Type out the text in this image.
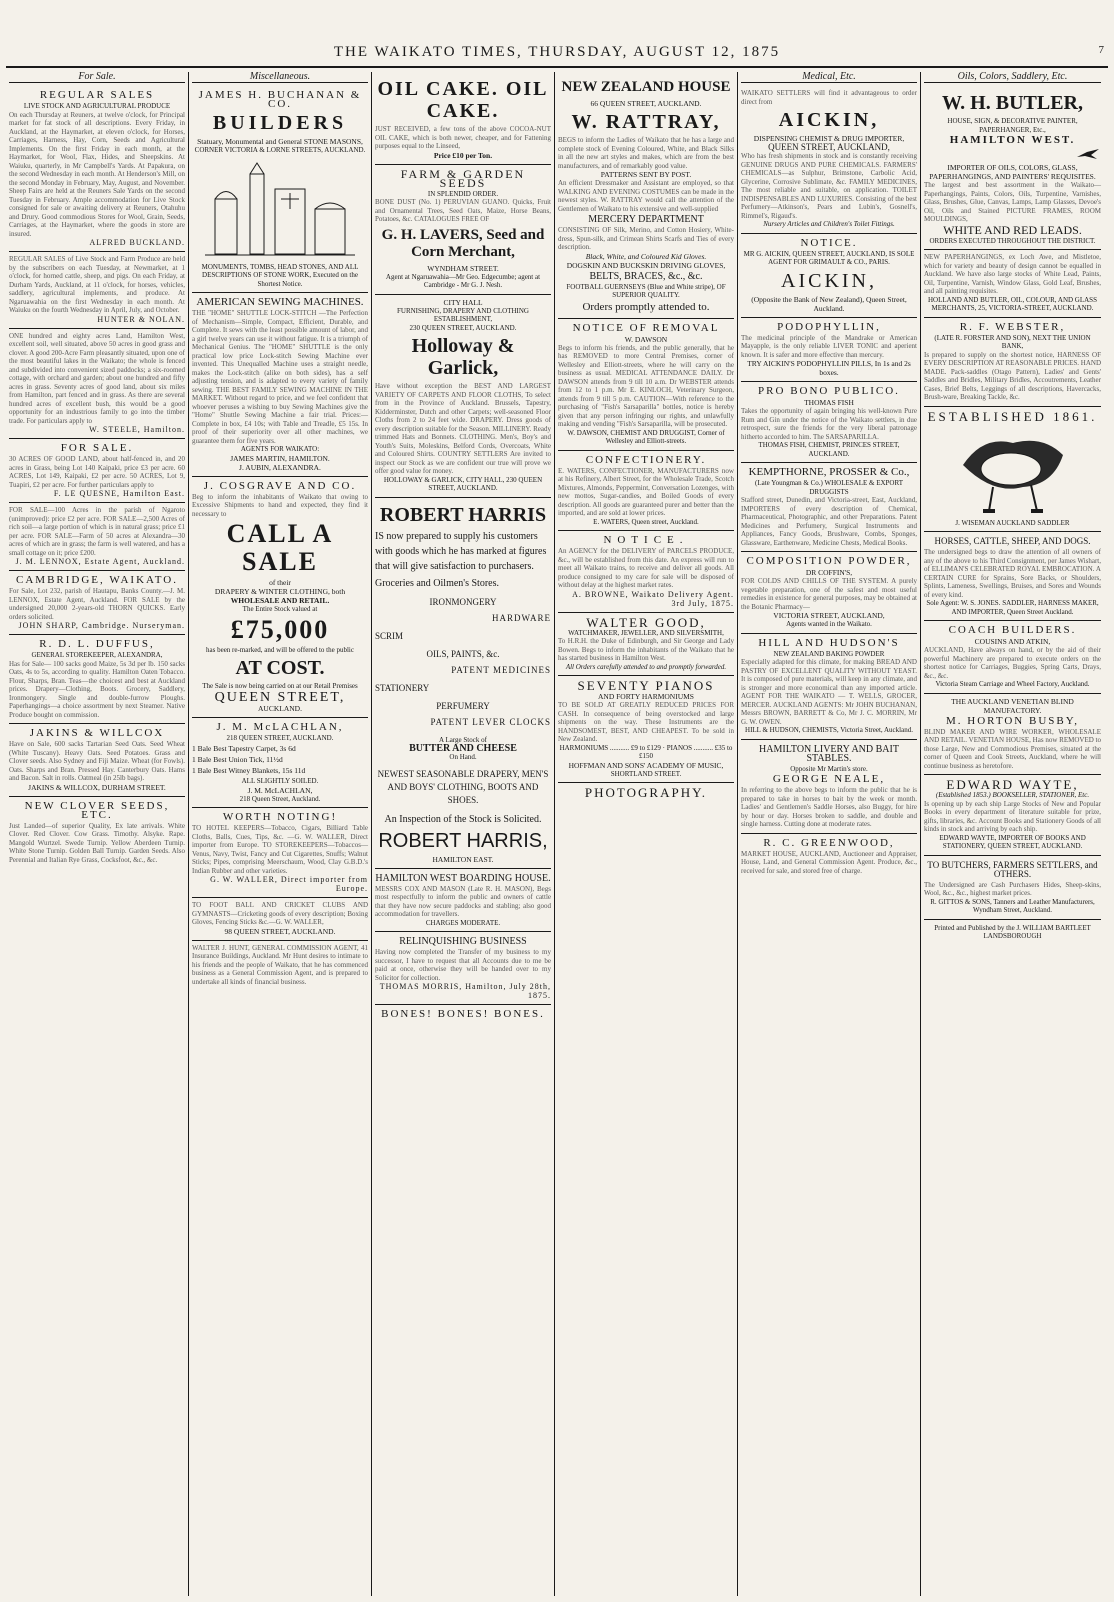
THE WAIKATO TIMES, THURSDAY, AUGUST 12, 1875	7
For Sale.
REGULAR SALES
LIVE STOCK AND AGRICULTURAL PRODUCE
On each Thursday at Reuners, at twelve o'clock, for Principal market for fat stock of all descriptions. Every Friday, in Auckland, at the Haymarket, at eleven o'clock, for Horses, Carriages, Harness, Hay, Corn, Seeds and Agricultural Implements. On the first Friday in each month, at the Haymarket, for Wool, Flax, Hides, and Sheepskins. At Waiuku, quarterly, in Mr Campbell's Yards. At Papakura, on the second Wednesday in each month. At Henderson's Mill, on the second Monday in February, May, August, and November. Sheep Fairs are held at the Reuners Sale Yards on the second Tuesday in February. Ample accommodation for Live Stock consigned for sale or awaiting delivery at Reuners, Otahuhu and Drury. Good commodious Stores for Wool, Grain, Seeds, Carriages, at the Haymarket, where the goods in store are insured.
ALFRED BUCKLAND.
REGULAR SALES of Live Stock and Farm Produce are held by the subscribers on each Tuesday, at Newmarket, at 1 o'clock, for horned cattle, sheep, and pigs. On each Friday, at Durham Yards, Auckland, at 11 o'clock, for horses, vehicles, saddlery, agricultural implements, and produce. At Ngaruawahia on the first Wednesday in each month. At Waiuku on the fourth Wednesday in April, July, and October.
HUNTER & NOLAN.
ONE hundred and eighty acres Land, Hamilton West, excellent soil, well situated, above 50 acres in good grass and clover. A good 200-Acre Farm pleasantly situated, upon one of the most beautiful lakes in the Waikato; the whole is fenced and subdivided into convenient sized paddocks; a six-roomed cottage, with orchard and garden; about one hundred and fifty acres in grass. Seventy acres of good land, about six miles from Hamilton, part fenced and in grass. As there are several hundred acres of excellent bush, this would be a good opportunity for an industrious family to go into the timber trade. For particulars apply to
W. STEELE, Hamilton.
FOR SALE.
30 ACRES OF GOOD LAND, about half-fenced in, and 20 acres in Grass, being Lot 140 Kaipaki, price £3 per acre. 60 ACRES, Lot 149, Kaipaki, £2 per acre. 50 ACRES, Lot 9, Tuapiri, £2 per acre. For further particulars apply to
F. LE QUESNE, Hamilton East.
FOR SALE—100 Acres in the parish of Ngaroto (unimproved): price £2 per acre. FOR SALE—2,500 Acres of rich soil—a large portion of which is in natural grass; price £1 per acre. FOR SALE—Farm of 50 acres at Alexandra—30 acres of which are in grass; the farm is well watered, and has a small cottage on it; price £200.
J. M. LENNOX, Estate Agent, Auckland.
CAMBRIDGE, WAIKATO.
For Sale, Lot 232, parish of Hautapu, Banks County.—J. M. LENNOX, Estate Agent, Auckland. FOR SALE by the undersigned 20,000 2-years-old THORN QUICKS. Early orders solicited.
JOHN SHARP, Cambridge. Nurseryman.
R. D. L. DUFFUS,
GENERAL STOREKEEPER, ALEXANDRA,
Has for Sale— 100 sacks good Maize, 5s 3d per lb. 150 sacks Oats, 4s to 5s, according to quality. Hamilton Oaten Tobacco. Flour, Sharps, Bran. Teas—the choicest and best at Auckland prices. Drapery—Clothing, Boots. Grocery, Saddlery, Ironmongery. Single and double-furrow Ploughs. Paperhangings—a choice assortment by next Steamer. Native Produce bought on commission.
JAKINS & WILLCOX
Have on Sale, 600 sacks Tartarian Seed Oats. Seed Wheat (White Tuscany). Heavy Oats. Seed Potatoes. Grass and Clover seeds. Also Sydney and Fiji Maize. Wheat (for Fowls). Oats. Sharps and Bran. Pressed Hay. Canterbury Oats. Hams and Bacon. Salt in rolls. Oatmeal (in 25lb bags).
JAKINS & WILLCOX, DURHAM STREET.
NEW CLOVER SEEDS, ETC.
Just Landed—of superior Quality, Ex late arrivals. White Clover. Red Clover. Cow Grass. Timothy. Alsyke. Rape. Mangold Wurtzel. Swede Turnip. Yellow Aberdeen Turnip. White Stone Turnip. Golden Ball Turnip. Garden Seeds. Also Perennial and Italian Rye Grass, Cocksfoot, &c., &c.
Miscellaneous.
JAMES H. BUCHANAN & CO.
BUILDERS
Statuary, Monumental and General STONE MASONS,
CORNER VICTORIA & LORNE STREETS, AUCKLAND.
MONUMENTS, TOMBS, HEAD STONES, AND ALL DESCRIPTIONS OF STONE WORK, Executed on the Shortest Notice.
AMERICAN SEWING MACHINES.
THE "HOME" SHUTTLE LOCK-STITCH —The Perfection of Mechanism—Simple, Compact, Efficient, Durable, and Complete. It sews with the least possible amount of labor, and a girl twelve years can use it without fatigue. It is a triumph of Mechanical Genius. The "HOME" SHUTTLE is the only practical low price Lock-stitch Sewing Machine ever invented. This Unequalled Machine uses a straight needle, makes the Lock-stitch (alike on both sides), has a self adjusting tension, and is adapted to every variety of family sewing. THE BEST FAMILY SEWING MACHINE IN THE MARKET. Without regard to price, and we feel confident that whoever peruses a wishing to buy Sewing Machines give the "Home" Shuttle Sewing Machine a fair trial. Prices:—Complete in box, £4 10s; with Table and Treadle, £5 15s. In proof of their superiority over all other machines, we guarantee them for five years.
AGENTS FOR WAIKATO:
JAMES MARTIN, HAMILTON.
J. AUBIN, ALEXANDRA.
J. COSGRAVE AND CO.
Beg to inform the inhabitants of Waikato that owing to Excessive Shipments to hand and expected, they find it necessary to
CALL A SALE
of their
DRAPERY & WINTER CLOTHING, both
WHOLESALE AND RETAIL.
The Entire Stock valued at
£75,000
has been re-marked, and will be offered to the public
AT COST.
The Sale is now being carried on at our Retail Premises
QUEEN STREET,
AUCKLAND.
J. M. McLACHLAN,
218 QUEEN STREET, AUCKLAND.
1 Bale Best Tapestry Carpet, 3s 6d
1 Bale Best Union Tick, 11½d
1 Bale Best Witney Blankets, 15s 11d
ALL SLIGHTLY SOILED.
J. M. McLACHLAN,
218 Queen Street, Auckland.
WORTH NOTING!
TO HOTEL KEEPERS—Tobacco, Cigars, Billiard Table Cloths, Balls, Cues, Tips, &c. —G. W. WALLER, Direct importer from Europe. TO STOREKEEPERS—Tobaccos—Venus, Navy, Twist, Fancy and Cut Cigarettes, Snuffs; Walnut Sticks; Pipes, comprising Meerschaum, Wood, Clay G.B.D.'s Indian Rubber and other varieties.
G. W. WALLER, Direct importer from Europe.
TO FOOT BALL AND CRICKET CLUBS AND GYMNASTS—Cricketing goods of every description; Boxing Gloves, Fencing Sticks &c.—G. W. WALLER,
98 QUEEN STREET, AUCKLAND.
WALTER J. HUNT, GENERAL COMMISSION AGENT, 41 Insurance Buildings, Auckland. Mr Hunt desires to intimate to his friends and the people of Waikato, that he has commenced business as a General Commission Agent, and is prepared to undertake all kinds of financial business.
OIL CAKE. OIL CAKE.
JUST RECEIVED, a few tons of the above COCOA-NUT OIL CAKE, which is both newer, cheaper, and for Fattening purposes equal to the Linseed,
Price £10 per Ton.
FARM & GARDEN SEEDS
IN SPLENDID ORDER.
BONE DUST (No. 1) PERUVIAN GUANO. Quicks, Fruit and Ornamental Trees, Seed Oats, Maize, Horse Beans, Potatoes, &c. CATALOGUES FREE OF
G. H. LAVERS, Seed and Corn Merchant,
WYNDHAM STREET.
Agent at Ngaruawahia—Mr Geo. Edgecumbe; agent at Cambridge - Mr G. J. Nesh.
CITY HALL
FURNISHING, DRAPERY AND CLOTHING ESTABLISHMENT,
230 QUEEN STREET, AUCKLAND.
Holloway & Garlick,
Have without exception the BEST AND LARGEST VARIETY OF CARPETS AND FLOOR CLOTHS, To select from in the Province of Auckland. Brussels, Tapestry, Kidderminster, Dutch and other Carpets; well-seasoned Floor Cloths from 2 to 24 feet wide. DRAPERY. Dress goods of every description suitable for the Season. MILLINERY. Ready trimmed Hats and Bonnets. CLOTHING. Men's, Boy's and Youth's Suits, Moleskins, Belford Cords, Overcoats, White and Coloured Shirts. COUNTRY SETTLERS Are invited to inspect our Stock as we are confident our true will prove we offer good value for money.
HOLLOWAY & GARLICK, CITY HALL, 230 QUEEN STREET, AUCKLAND.
ROBERT HARRIS
IS now prepared to supply his customers with goods which he has marked at figures that will give satisfaction to purchasers.
Groceries and Oilmen's Stores.
IRONMONGERY
HARDWARE
SCRIM
OILS, PAINTS, &c.
PATENT MEDICINES
STATIONERY
PERFUMERY
PATENT LEVER CLOCKS
A Large Stock of
BUTTER AND CHEESE
On Hand.
NEWEST SEASONABLE DRAPERY, MEN'S AND BOYS' CLOTHING, BOOTS AND SHOES.
An Inspection of the Stock is Solicited.
ROBERT HARRIS,
HAMILTON EAST.
HAMILTON WEST BOARDING HOUSE.
MESSRS COX AND MASON (Late R. H. MASON), Begs most respectfully to inform the public and owners of cattle that they have now secure paddocks and stabling; also good accommodation for travellers.
CHARGES MODERATE.
RELINQUISHING BUSINESS
Having now completed the Transfer of my business to my successor, I have to request that all Accounts due to me be paid at once, otherwise they will be handed over to my Solicitor for collection.
THOMAS MORRIS, Hamilton, July 28th, 1875.
BONES! BONES! BONES.
NEW ZEALAND HOUSE
66 QUEEN STREET, AUCKLAND.
W. RATTRAY,
BEGS to inform the Ladies of Waikato that he has a large and complete stock of Evening Coloured, White, and Black Silks in all the new art styles and makes, which are from the best manufacturers, and of remarkably good value.
PATTERNS SENT BY POST.
An efficient Dressmaker and Assistant are employed, so that WALKING AND EVENING COSTUMES can be made in the newest styles. W. RATTRAY would call the attention of the Gentlemen of Waikato to his extensive and well-supplied
MERCERY DEPARTMENT
CONSISTING OF Silk, Merino, and Cotton Hosiery, White-dress, Spun-silk, and Crimean Shirts Scarfs and Ties of every description.
Black, White, and Coloured Kid Gloves.
DOGSKIN AND BUCKSKIN DRIVING GLOVES,
BELTS, BRACES, &c., &c.
FOOTBALL GUERNSEYS (Blue and White stripe), OF SUPERIOR QUALITY.
Orders promptly attended to.
NOTICE OF REMOVAL
W. DAWSON
Begs to inform his friends, and the public generally, that he has REMOVED to more Central Premises, corner of Wellesley and Elliott-streets, where he will carry on the business as usual. MEDICAL ATTENDANCE DAILY. Dr DAWSON attends from 9 till 10 a.m. Dr WEBSTER attends from 12 to 1 p.m. Mr E. KINLOCH, Veterinary Surgeon, attends from 9 till 5 p.m. CAUTION—With reference to the purchasing of "Fish's Sarsaparilla" bottles, notice is hereby given that any person infringing our rights, and unlawfully making and vending "Fish's Sarsaparilla, will be prosecuted.
W. DAWSON, CHEMIST AND DRUGGIST, Corner of Wellesley and Elliott-streets.
CONFECTIONERY.
E. WATERS, CONFECTIONER, MANUFACTURERS now at his Refinery, Albert Street, for the Wholesale Trade, Scotch Mixtures, Almonds, Peppermint, Conversation Lozenges, with new mottos, Sugar-candies, and Boiled Goods of every description. All goods are guaranteed purer and better than the imported, and are sold at lower prices.
E. WATERS, Queen street, Auckland.
NOTICE.
An AGENCY for the DELIVERY of PARCELS PRODUCE, &c., will be established from this date. An express will run to meet all Waikato trains, to receive and deliver all goods. All produce consigned to my care for sale will be disposed of without delay at the highest market rates.
A. BROWNE, Waikato Delivery Agent. 3rd July, 1875.
WALTER GOOD,
WATCHMAKER, JEWELLER, AND SILVERSMITH,
To H.R.H. the Duke of Edinburgh, and Sir George and Lady Bowen. Begs to inform the inhabitants of the Waikato that he has started business in Hamilton West.
All Orders carefully attended to and promptly forwarded.
SEVENTY PIANOS
AND FORTY HARMONIUMS
TO BE SOLD AT GREATLY REDUCED PRICES FOR CASH. In consequence of being overstocked and large shipments on the way. These Instruments are the HANDSOMEST, BEST, AND CHEAPEST. To be sold in New Zealand.
HARMONIUMS ........... £9 to £129 · PIANOS ........... £35 to £150
HOFFMAN AND SONS' ACADEMY OF MUSIC,
SHORTLAND STREET.
PHOTOGRAPHY.
Medical, Etc.
WAIKATO SETTLERS will find it advantageous to order direct from
AICKIN,
DISPENSING CHEMIST & DRUG IMPORTER,
QUEEN STREET, AUCKLAND,
Who has fresh shipments in stock and is constantly receiving GENUINE DRUGS AND PURE CHEMICALS. FARMERS' CHEMICALS—as Sulphur, Brimstone, Carbolic Acid, Glycerine, Corrosive Sublimate, &c. FAMILY MEDICINES, The most reliable and suitable, on application. TOILET INDISPENSABLES AND LUXURIES. Consisting of the best Perfumery—Atkinson's, Pears and Lubin's, Gosnell's, Rimmel's, Rigaud's.
Nursery Articles and Children's Toilet Fittings.
NOTICE.
MR G. AICKIN, QUEEN STREET, AUCKLAND, IS SOLE AGENT FOR GRIMAULT & CO., PARIS.
AICKIN,
(Opposite the Bank of New Zealand), Queen Street, Auckland.
PODOPHYLLIN,
The medicinal principle of the Mandrake or American Mayapple, is the only reliable LIVER TONIC and aperient known. It is safer and more effective than mercury.
TRY AICKIN'S PODOPHYLLIN PILLS, In 1s and 2s boxes.
PRO BONO PUBLICO.
THOMAS FISH
Takes the opportunity of again bringing his well-known Pure Rum and Gin under the notice of the Waikato settlers, in due retrospect, sure the friends for the very liberal patronage hitherto accorded to him. The SARSAPARILLA.
THOMAS FISH, CHEMIST, PRINCES STREET, AUCKLAND.
KEMPTHORNE, PROSSER & Co.,
(Late Youngman & Co.) WHOLESALE & EXPORT DRUGGISTS
Stafford street, Dunedin, and Victoria-street, East, Auckland, IMPORTERS of every description of Chemical, Pharmaceutical, Photographic, and other Preparations. Patent Medicines and Perfumery, Surgical Instruments and Appliances, Fancy Goods, Brushware, Combs, Sponges, Glassware, Earthenware, Medicine Chests, Medical Books.
COMPOSITION POWDER,
DR COFFIN'S,
FOR COLDS AND CHILLS OF THE SYSTEM. A purely vegetable preparation, one of the safest and most useful remedies in existence for general purposes, may be obtained at the Botanic Pharmacy—
VICTORIA STREET, AUCKLAND,
Agents wanted in the Waikato.
HILL AND HUDSON'S
NEW ZEALAND BAKING POWDER
Especially adapted for this climate, for making BREAD AND PASTRY OF EXCELLENT QUALITY WITHOUT YEAST. It is composed of pure materials, will keep in any climate, and is stronger and more economical than any imported article. AGENT FOR THE WAIKATO — T. WELLS, GROCER, MERCER. AUCKLAND AGENTS: Mr JOHN BUCHANAN, Messrs BROWN, BARRETT & Co, Mr J. C. MORRIN, Mr G. W. OWEN.
HILL & HUDSON, CHEMISTS, Victoria Street, Auckland.
HAMILTON LIVERY AND BAIT STABLES.
Opposite Mr Martin's store.
GEORGE NEALE,
In referring to the above begs to inform the public that he is prepared to take in horses to bait by the week or month. Ladies' and Gentlemen's Saddle Horses, also Buggy, for hire by hour or day. Horses broken to saddle, and double and single harness. Cutting done at moderate rates.
R. C. GREENWOOD,
MARKET HOUSE, AUCKLAND, Auctioneer and Appraiser, House, Land, and General Commission Agent. Produce, &c., received for sale, and stored free of charge.
Oils, Colors, Saddlery, Etc.
W. H. BUTLER,
HOUSE, SIGN, & DECORATIVE PAINTER, PAPERHANGER, Etc.,
HAMILTON WEST.
IMPORTER OF OILS, COLORS, GLASS, PAPERHANGINGS, AND PAINTERS' REQUISITES.
The largest and best assortment in the Waikato— Paperhangings, Paints, Colors, Oils, Turpentine, Varnishes, Glass, Brushes, Glue, Canvas, Lamps, Lamp Glasses, Devoe's Oil, Oils and Stained PICTURE FRAMES, ROOM MOULDINGS,
WHITE AND RED LEADS.
ORDERS EXECUTED THROUGHOUT THE DISTRICT.
NEW PAPERHANGINGS, ex Loch Awe, and Mistletoe, which for variety and beauty of design cannot be equalled in Auckland. We have also large stocks of White Lead, Paints, Oil, Turpentine, Varnish, Window Glass, Gold Leaf, Brushes, and all painting requisites.
HOLLAND AND BUTLER, OIL, COLOUR, AND GLASS MERCHANTS, 25, VICTORIA-STREET, AUCKLAND.
R. F. WEBSTER,
(LATE R. FORSTER AND SON), NEXT THE UNION BANK,
Is prepared to supply on the shortest notice, HARNESS OF EVERY DESCRIPTION AT REASONABLE PRICES. HAND MADE. Pack-saddles (Otago Pattern), Ladies' and Gents' Saddles and Bridles, Military Bridles, Accoutrements, Leather Cases, Brief Belts, Leggings of all descriptions, Havercacks, Brush-ware, Breaking Tackle, &c.
ESTABLISHED 1861.
J. WISEMAN AUCKLAND SADDLER
HORSES, CATTLE, SHEEP, AND DOGS.
The undersigned begs to draw the attention of all owners of any of the above to his Third Consignment, per James Wishart, of ELLIMAN'S CELEBRATED ROYAL EMBROCATION. A CERTAIN CURE for Sprains, Sore Backs, or Shoulders, Splints, Lameness, Swellings, Bruises, and Sores and Wounds of every kind.
Sole Agent: W. S. JONES. SADDLER, HARNESS MAKER, AND IMPORTER, Queen Street Auckland.
COACH BUILDERS.
COUSINS AND ATKIN,
AUCKLAND, Have always on hand, or by the aid of their powerful Machinery are prepared to execute orders on the shortest notice for Carriages, Buggies, Spring Carts, Drays, &c., &c.
Victoria Steam Carriage and Wheel Factory, Auckland.
THE AUCKLAND VENETIAN BLIND MANUFACTORY.
M. HORTON BUSBY,
BLIND MAKER AND WIRE WORKER, WHOLESALE AND RETAIL. VENETIAN HOUSE, Has now REMOVED to those Large, New and Commodious Premises, situated at the corner of Queen and Cook Streets, Auckland, where he will continue business as heretofore.
EDWARD WAYTE,
(Established 1853.) BOOKSELLER, STATIONER, Etc.
Is opening up by each ship Large Stocks of New and Popular Books in every department of literature suitable for prize, gifts, libraries, &c. Account Books and Stationery Goods of all kinds in stock and arriving by each ship.
EDWARD WAYTE, IMPORTER OF BOOKS AND STATIONERY, QUEEN STREET, AUCKLAND.
TO BUTCHERS, FARMERS SETTLERS, and OTHERS.
The Undersigned are Cash Purchasers Hides, Sheep-skins, Wool, &c., &c., highest market prices.
R. GITTOS & SONS, Tanners and Leather Manufacturers, Wyndham Street, Auckland.
Printed and Published by the J. WILLIAM BARTLEET LANDSBOROUGH
